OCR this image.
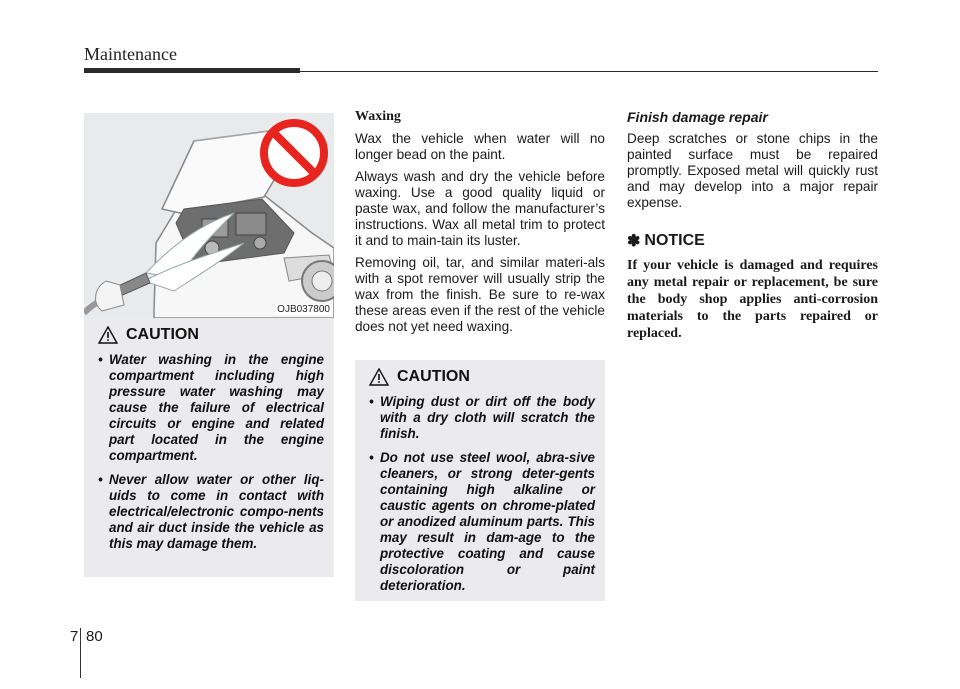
Maintenance
OJB037800
CAUTION
• Water washing in the engine compartment including high pressure water washing may cause the failure of electrical circuits or engine and related part located in the engine compartment.
• Never allow water or other liq-uids to come in contact with electrical/electronic compo-nents and air duct inside the vehicle as this may damage them.

Waxing

Wax the vehicle when water will no longer bead on the paint.

Always wash and dry the vehicle before waxing. Use a good quality liquid or paste wax, and follow the manufacturer’s instructions. Wax all metal trim to protect it and to main-tain its luster.

Removing oil, tar, and similar materi-als with a spot remover will usually strip the wax from the finish. Be sure to re-wax these areas even if the rest of the vehicle does not yet need waxing.

CAUTION
• Wiping dust or dirt off the body with a dry cloth will scratch the finish.
• Do not use steel wool, abra-sive cleaners, or strong deter-gents containing high alkaline or caustic agents on chrome-plated or anodized aluminum parts. This may result in dam-age to the protective coating and cause discoloration or paint deterioration.

Finish damage repair

Deep scratches or stone chips in the painted surface must be repaired promptly. Exposed metal will quickly rust and may develop into a major repair expense.

✽ NOTICE

If your vehicle is damaged and requires any metal repair or replacement, be sure the body shop applies anti-corrosion materials to the parts repaired or replaced.

7 80
